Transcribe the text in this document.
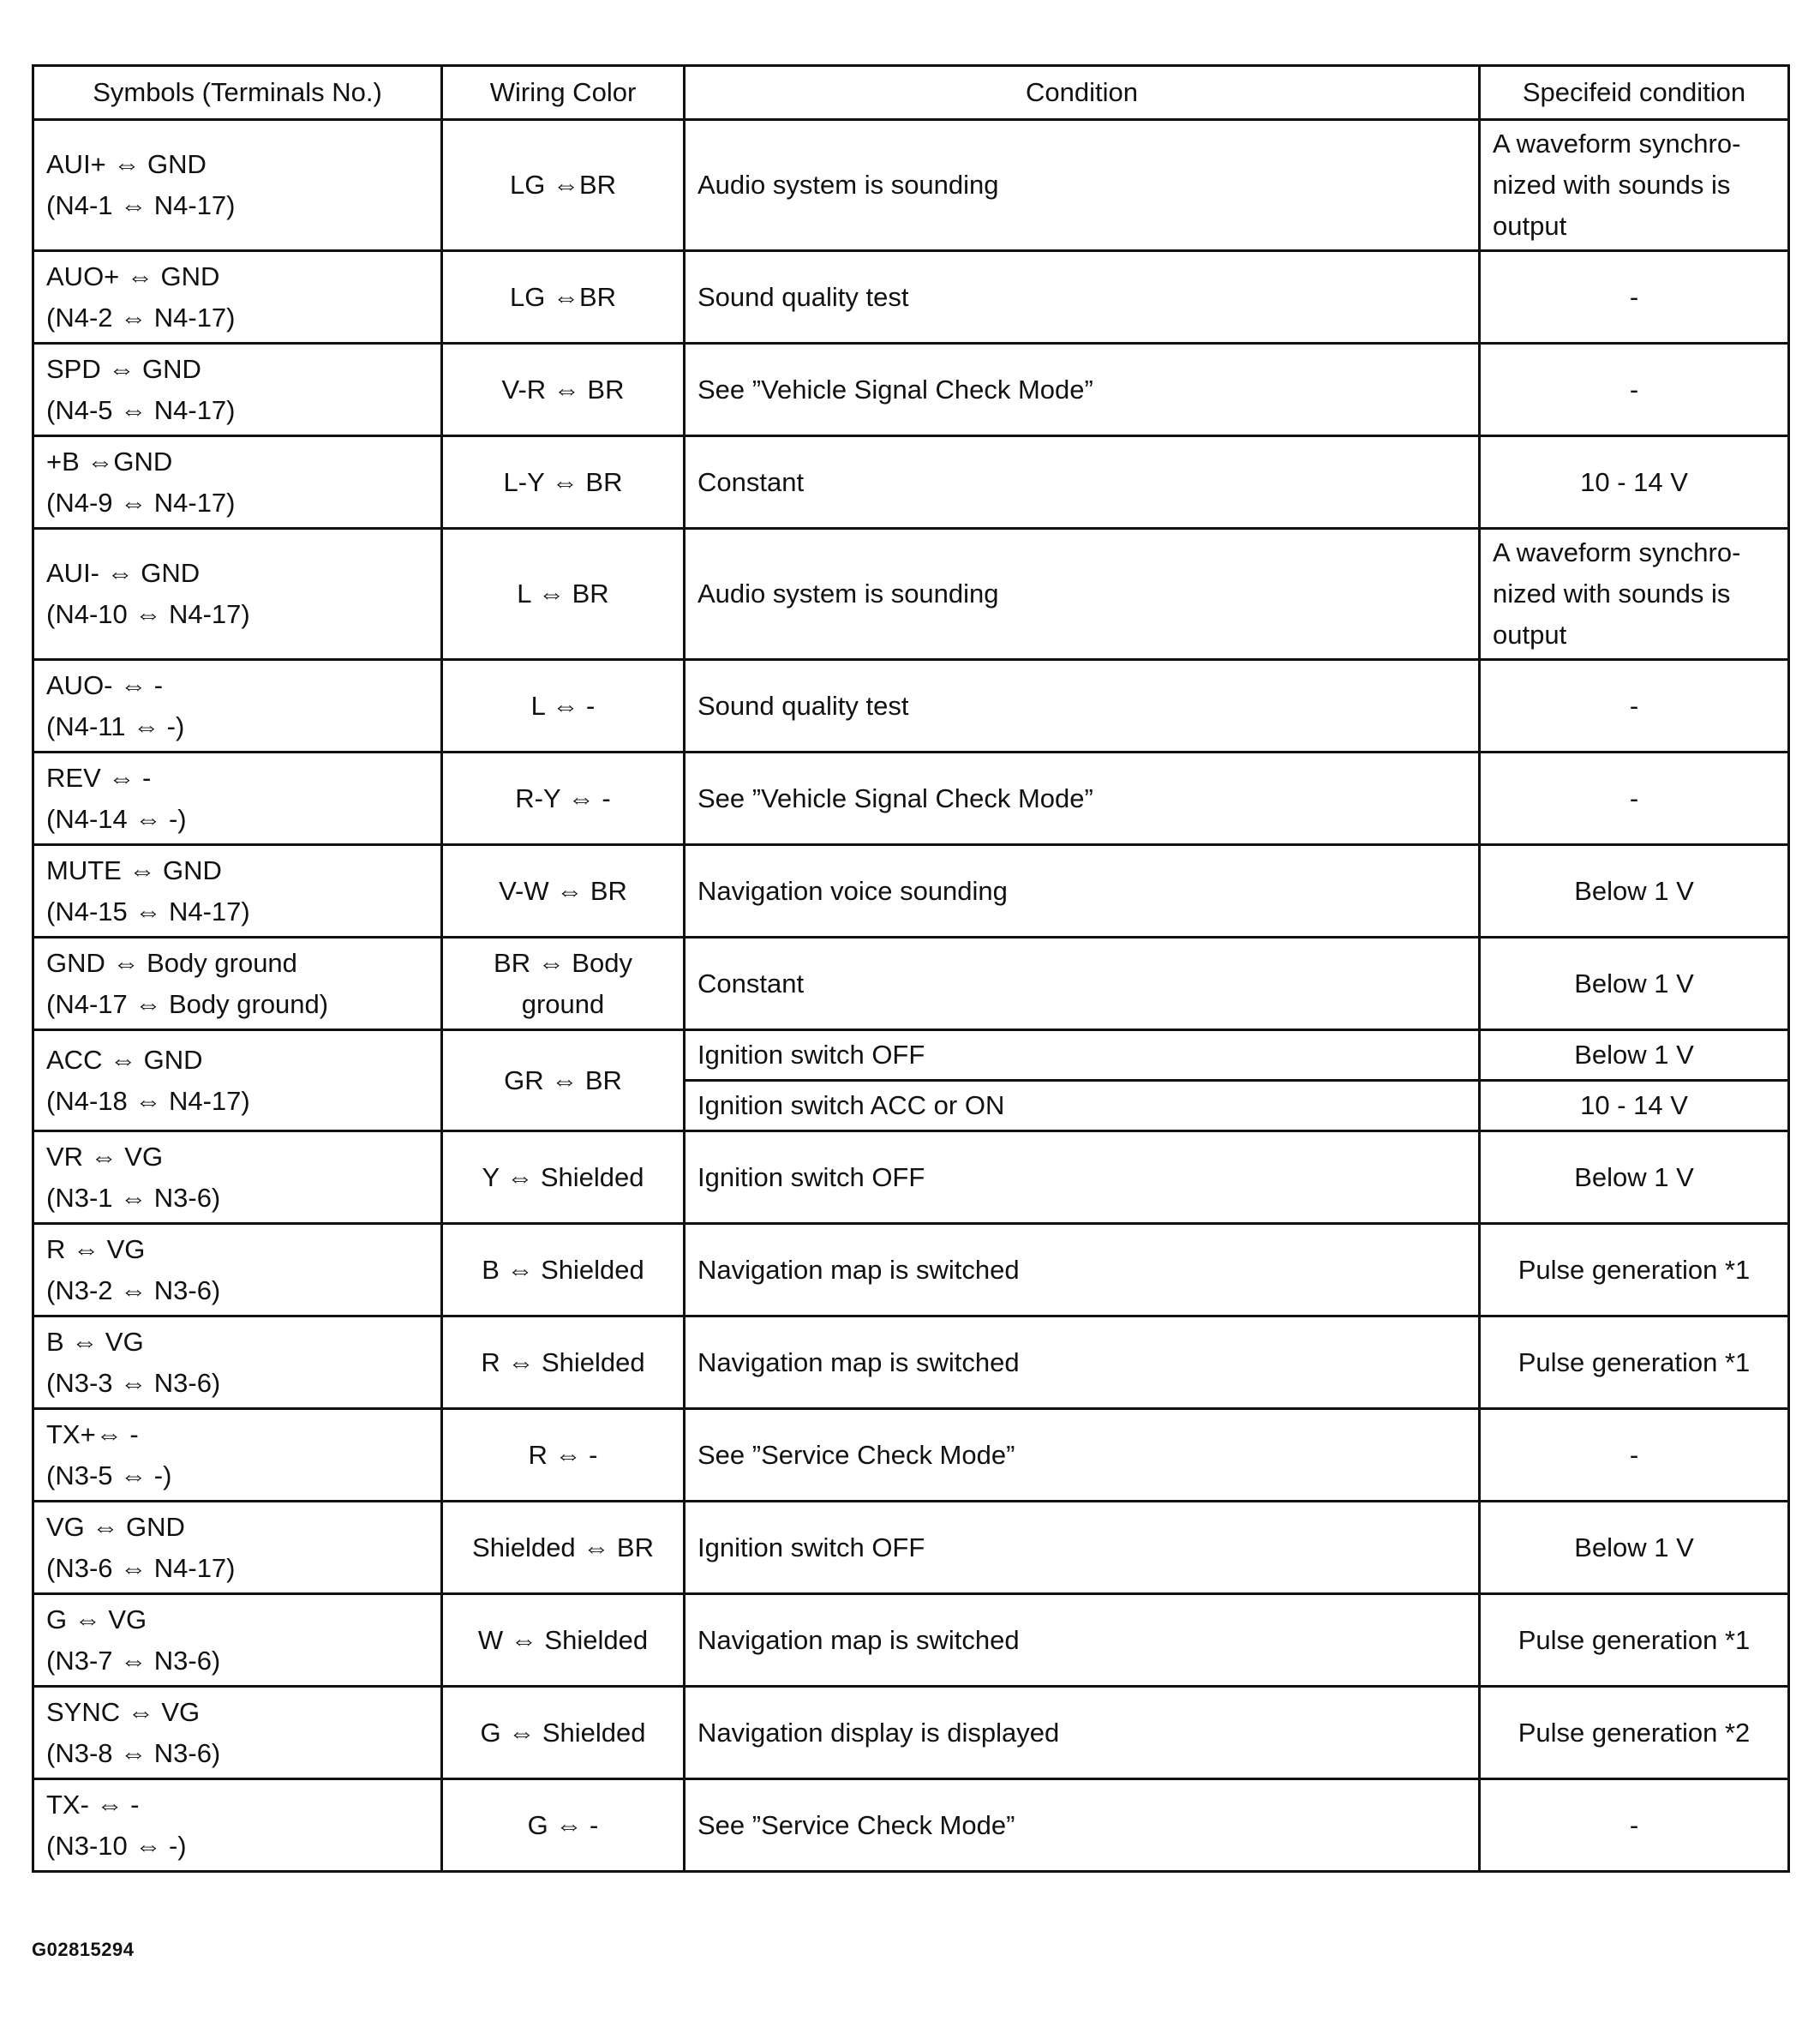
Symbols (Terminals No.)	Wiring Color	Condition	Specifeid condition

AUI+ ⇔ GND
(N4-1 ⇔ N4-17)	LG ⇔BR	Audio system is sounding	A waveform synchro-
nized with sounds is
output

AUO+ ⇔ GND
(N4-2 ⇔ N4-17)	LG ⇔BR	Sound quality test	-

SPD ⇔ GND
(N4-5 ⇔ N4-17)	V-R ⇔ BR	See ”Vehicle Signal Check Mode”	-

+B ⇔GND
(N4-9 ⇔ N4-17)	L-Y ⇔ BR	Constant	10 - 14 V

AUI- ⇔ GND
(N4-10 ⇔ N4-17)	L ⇔ BR	Audio system is sounding	A waveform synchro-
nized with sounds is
output

AUO- ⇔ -
(N4-11 ⇔ -)	L ⇔ -	Sound quality test	-

REV ⇔ -
(N4-14 ⇔ -)	R-Y ⇔ -	See ”Vehicle Signal Check Mode”	-

MUTE ⇔ GND
(N4-15 ⇔ N4-17)	V-W ⇔ BR	Navigation voice sounding	Below 1 V

GND ⇔ Body ground
(N4-17 ⇔ Body ground)	BR ⇔ Body ground	Constant	Below 1 V

ACC ⇔ GND
(N4-18 ⇔ N4-17)	GR ⇔ BR	Ignition switch OFF	Below 1 V
		Ignition switch ACC or ON	10 - 14 V

VR ⇔ VG
(N3-1 ⇔ N3-6)	Y ⇔ Shielded	Ignition switch OFF	Below 1 V

R ⇔ VG
(N3-2 ⇔ N3-6)	B ⇔ Shielded	Navigation map is switched	Pulse generation *1

B ⇔ VG
(N3-3 ⇔ N3-6)	R ⇔ Shielded	Navigation map is switched	Pulse generation *1

TX+⇔ -
(N3-5 ⇔ -)	R ⇔ -	See ”Service Check Mode”	-

VG ⇔ GND
(N3-6 ⇔ N4-17)	Shielded ⇔ BR	Ignition switch OFF	Below 1 V

G ⇔ VG
(N3-7 ⇔ N3-6)	W ⇔ Shielded	Navigation map is switched	Pulse generation *1

SYNC ⇔ VG
(N3-8 ⇔ N3-6)	G ⇔ Shielded	Navigation display is displayed	Pulse generation *2

TX- ⇔ -
(N3-10 ⇔ -)	G ⇔ -	See ”Service Check Mode”	-
G02815294
